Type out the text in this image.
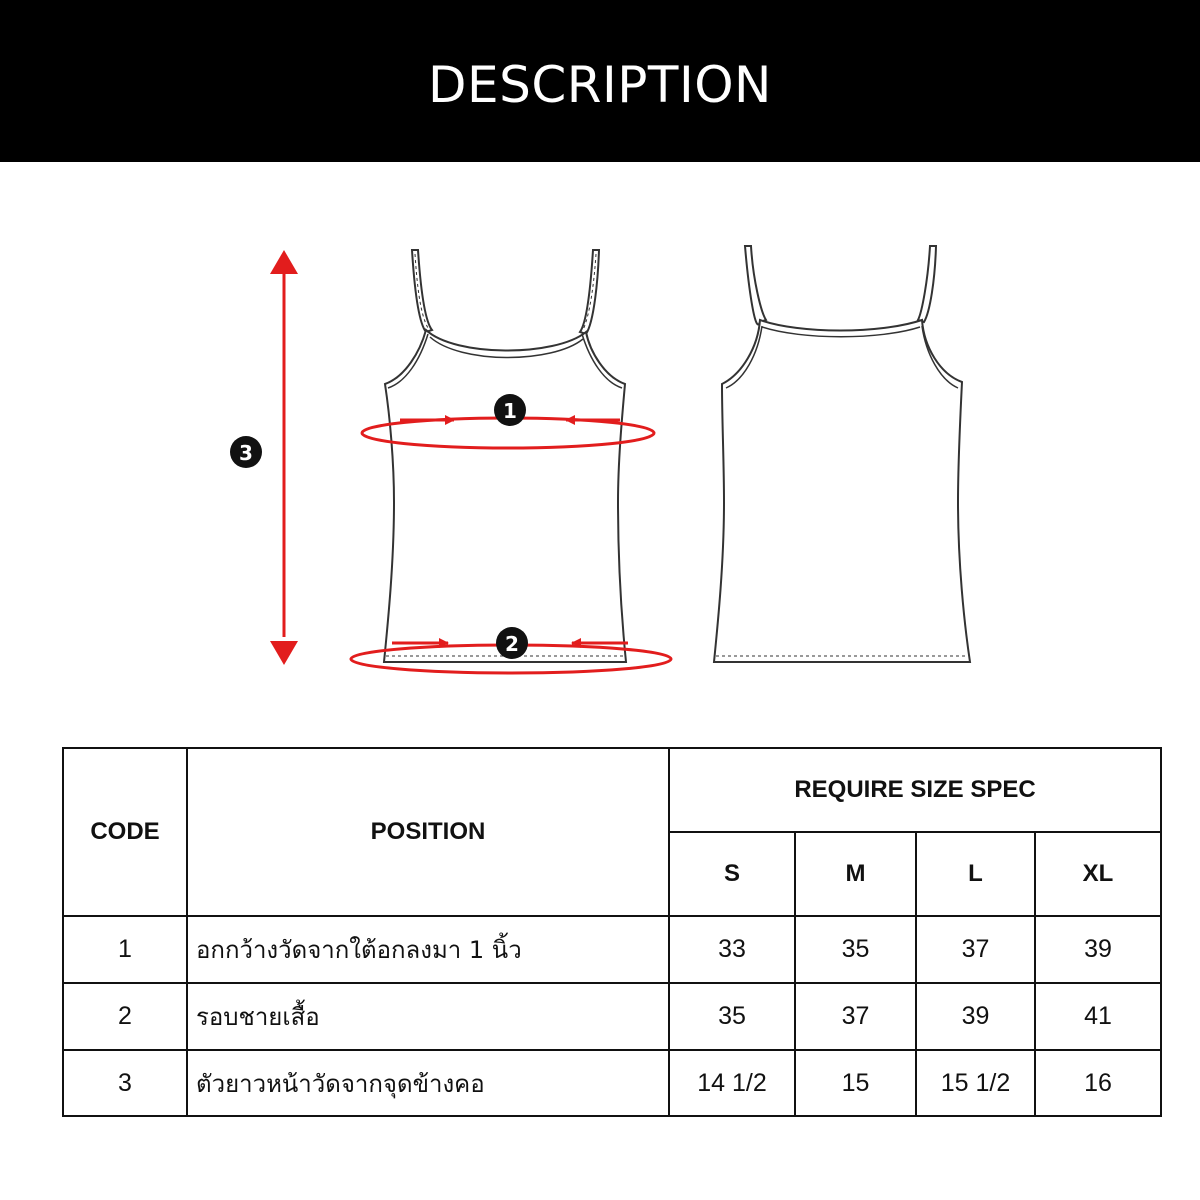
DESCRIPTION
1
2
3
CODE	POSITION	REQUIRE SIZE SPEC			
		S	M	L	XL
1	อกกว้างวัดจากใต้อกลงมา 1 นิ้ว	33	35	37	39
2	รอบชายเสื้อ	35	37	39	41
3	ตัวยาวหน้าวัดจากจุดข้างคอ	14 1/2	15	15 1/2	16
